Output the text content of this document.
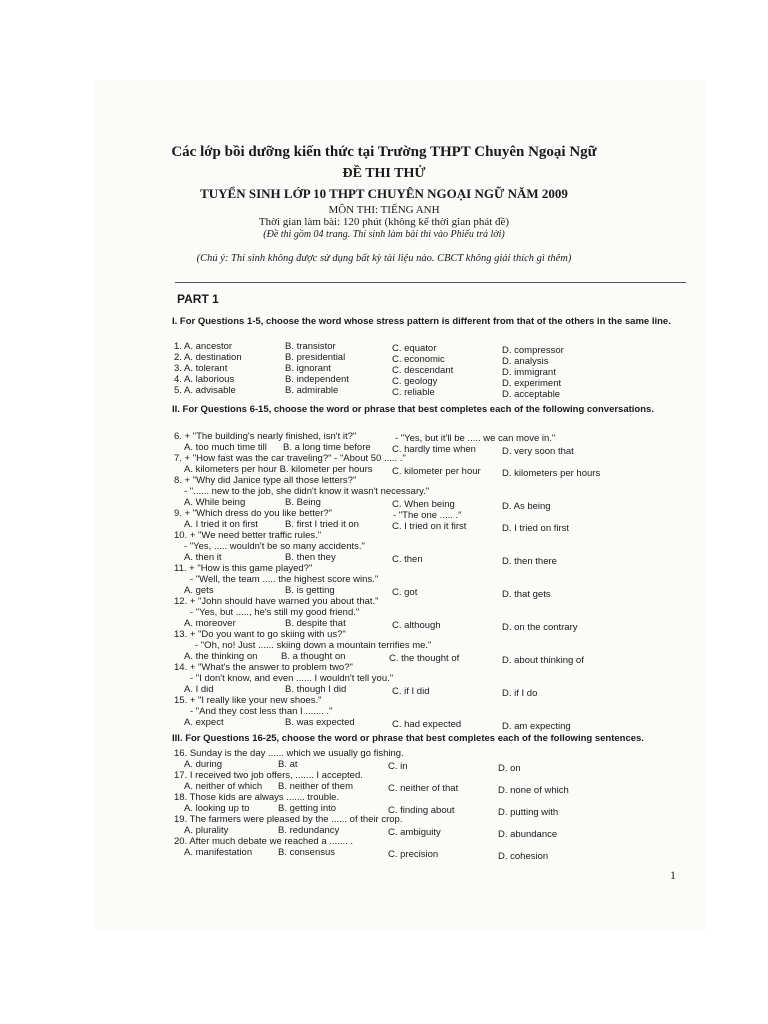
Các lớp bồi dưỡng kiến thức tại Trường THPT Chuyên Ngoại Ngữ
ĐỀ THI THỬ
TUYỂN SINH LỚP 10 THPT CHUYÊN NGOẠI NGỮ NĂM 2009
MÔN THI: TIẾNG ANH
Thời gian làm bài: 120 phút (không kể thời gian phát đề)
(Đề thi gồm 04 trang. Thí sinh làm bài thi vào Phiếu trả lời)
(Chú ý: Thí sinh không được sử dụng bất kỳ tài liệu nào. CBCT không giải thích gì thêm)
PART 1
I. For Questions 1-5, choose the word whose stress pattern is different from that of the others in the same line.
1. A. ancestor	B. transistor	C. equator	D. compressor
2. A. destination	B. presidential	C. economic	D. analysis
3. A. tolerant	B. ignorant	C. descendant	D. immigrant
4. A. laborious	B. independent	C. geology	D. experiment
5. A. advisable	B. admirable	C. reliable	D. acceptable
II. For Questions 6-15, choose the word or phrase that best completes each of the following conversations.
6. + "The building's nearly finished, isn't it?"	- "Yes, but it'll be ..... we can move in."
A. too much time till B. a long time before C. hardly time when	D. very soon that
7. + "How fast was the car traveling?" - "About 50 ..... ."
A. kilometers per hour B. kilometer per hours C. kilometer per hour D. kilometers per hours
8. + "Why did Janice type all those letters?"
- "...... new to the job, she didn't know it wasn't necessary."
A. While being	B. Being	C. When being	D. As being
9. + "Which dress do you like better?"	- "The one ..... ."
A. I tried it on first	B. first I tried it on	C. I tried on it first	D. I tried on first
10. + "We need better traffic rules."
- "Yes, ..... wouldn't be so many accidents."
A. then it	B. then they	C. then	D. then there
11. + "How is this game played?"
- "Well, the team ..... the highest score wins."
A. gets	B. is getting	C. got	D. that gets
12. + "John should have warned you about that."
- "Yes, but ....., he's still my good friend."
A. moreover	B. despite that	C. although	D. on the contrary
13. + "Do you want to go skiing with us?"
- "Oh, no! Just ...... skiing down a mountain terrifies me."
A. the thinking on B. a thought on	C. the thought of	D. about thinking of
14. + "What's the answer to problem two?"
- "I don't know, and even ...... I wouldn't tell you."
A. I did	B. though I did	C. if I did	D. if I do
15. + "I really like your new shoes."
- "And they cost less than I ....... ."
A. expect	B. was expected	C. had expected	D. am expecting
III. For Questions 16-25, choose the word or phrase that best completes each of the following sentences.
16. Sunday is the day ...... which we usually go fishing.
A. during	B. at	C. in	D. on
17. I received two job offers, ....... I accepted.
A. neither of which B. neither of them	C. neither of that	D. none of which
18. Those kids are always ....... trouble.
A. looking up to	B. getting into	C. finding about	D. putting with
19. The farmers were pleased by the ...... of their crop.
A. plurality	B. redundancy	C. ambiguity	D. abundance
20. After much debate we reached a ....... .
A. manifestation	B. consensus	C. precision	D. cohesion
1
